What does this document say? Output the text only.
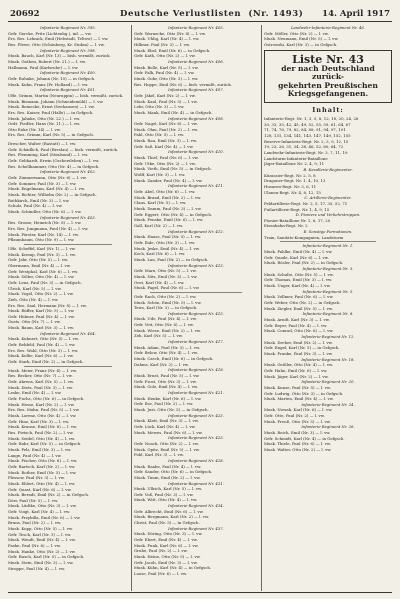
20692	Deutsche Verlustlisten (Nr. 1493) 14. April 1917
Infanterie-Regiment Nr. 395.
Gefr. Gercke, Fritz (Lichtenbg.), inf. — vw.
Ers. Res. Lehnick, Emil (Hebstadt, Teltow) — l. vw.
Res. Plewe, Otto (Schönberg, Kr. Stuhm) — l. vw.
Infanterie-Regiment Nr. 398.
Musk. Bauch, Karl (Nr. 13) — bish. vermißt, zurück.
Musk. Gräben, Robert (Nr. 21.) — l. vw.
Hallmann, Paul (Karlsruhe) — l. vw.
Infanterie-Regiment Nr. 400.
Gefr. Ruhnke, Johann (Nr. 10) — in Gefgsch.
Musk. Kuhn, Franz (Pr. Holland) — l. vw.
Infanterie-Regiment Nr. 401.
Uffz. Grimm, Martin (Neuruppin) — bish. vermißt, zurück.
Musk. Bismann, Johann (Schneidemühl) — l. vw.
Musk. Reinecke, Ernst (Seehausen) — l. vw.
Ers. Res. Kaiser, Paul (Halle) — in Gefgsch.
Musk. Jahnke, Otto (Nr. 22.) — l. vw.
Ordt. Fiedler, Hans (Nr. 11.) — l. vw.
Otto Enke (Nr. 14) — l. vw.
Ers. Res. Grimm, Karl (Nr. 5) — in Gefgsch.
Drescher, Walter (Rastatt) — l. vw.
Gefr. Schädlich, Paul (Breslau) — bish. vermißt, zurück.
Res. Flemming, Karl (Stralsund) — l. vw.
Gefr. Gebhardt, Erwin (Oschersleben) — l. vw.
Res. Schellhammer, Otto (Nr. 4) — in Gefgsch.
Infanterie-Regiment Nr. 402.
Gefr. Zimmermann, Otto (Nr. 6) — l. vw.
Gefr. Sommer, Paul (Nr. 3) — l. vw.
Musk. Engelmann, Karl (Nr. 4) — l. vw.
Musk. Richter, Wilhelm (Nr. 2) — in Gefgsch.
Rothkirch, Emil (Nr. 3) — l. vw.
Schulz, Paul (Nr. 4) — l. vw.
Musk. Schindler, Otto (Nr. 6) — l. vw.
Infanterie-Regiment Nr. 403.
Res. Grosse, Heinrich (Nr. 8) — l. vw.
Ers. Res. Jungmann, Paul (Nr. 4) — l. vw.
Musk. Förster, Karl (Nr. 14) — l. vw.
Pflaumbaum, Otto (Nr. 9) — l. vw.
Uffz. Scheffel, Karl (Nr. 1) — l. vw.
Musk. Kremp, Paul (Nr. 3) — l. vw.
Gefr. Jahr, Otto (Nr. 5) — l. vw.
Obermann, Emil (Nr. 4) — l. vw.
Gefr. Westphal, Karl (Nr. 6) — l. vw.
Musk. Sölter, Otto (Nr. 4) — l. vw.
Gefr. Lenz, Paul (Nr. 3) — in Gefgsch.
Ulrich, Karl (Nr. 5) — l. vw.
Musk. Vogel, Otto (Nr. 2) — l. vw.
Zieh, Otto (Nr. 4) — l. vw.
Ers. Res. Saal, Hermann (Nr. 8) — l. vw.
Musk. Rüffer, Karl (Nr. 5) — l. vw.
Gefr. Hübner, Paul (Nr. 4) — l. vw.
Gusts, Otto (Nr. 7) — l. vw.
Musk. Baum, Karl (Nr. 3) — l. vw.
Infanterie-Regiment Nr. 404.
Musk. Kuhnert, Otto (Nr. 5) — l. vw.
Gefr. Rehfeld, Paul (Nr. 4) — l. vw.
Ers. Res. Wahl, Otto (Nr. 3) — l. vw.
Musk. Kolbe, Karl (Nr. 6) — l. vw.
Gefr. Stark, Emil (Nr. 2) — in Gefgsch.
Musk. Meier, Franz (Nr. 4) — l. vw.
Res. Becker, Otto (Nr. 7) — l. vw.
Gefr. Ahrens, Karl (Nr. 5) — l. vw.
Musk. Dietz, Paul (Nr. 3) — l. vw.
Leske, Emil (Nr. 4) — l. vw.
Gefr. Fuchs, Otto (Nr. 6) — in Gefgsch.
Musk. Hesse, Karl (Nr. 2) — l. vw.
Ers. Res. Mahn, Paul (Nr. 5) — l. vw.
Musk. Lorenz, Otto (Nr. 4) — l. vw.
Gefr. Hinz, Karl (Nr. 3) — l. vw.
Musk. Krause, Emil (Nr. 6) — l. vw.
Res. Pietsch, Paul (Nr. 2) — l. vw.
Musk. Seidel, Otto (Nr. 4) — l. vw.
Gefr. Bahr, Karl (Nr. 5) — in Gefgsch.
Musk. Pelz, Emil (Nr. 3) — l. vw.
Lange, Paul (Nr. 4) — l. vw.
Musk. Fischer, Otto (Nr. 6) — l. vw.
Gefr. Bartsch, Karl (Nr. 2) — l. vw.
Musk. Rother, Emil (Nr. 5) — l. vw.
Plessow, Paul (Nr. 3) — l. vw.
Musk. Ehlert, Otto (Nr. 4) — l. vw.
Gefr. Quast, Karl (Nr. 6) — l. vw.
Musk. Berndt, Emil (Nr. 2) — in Gefgsch.
Dörr, Paul (Nr. 5) — l. vw.
Musk. Lüdtke, Otto (Nr. 3) — l. vw.
Gefr. Voigt, Karl (Nr. 4) — l. vw.
Musk. Przybilla, Emil (Nr. 6) — l. vw.
Bruns, Paul (Nr. 2) — l. vw.
Musk. Kopp, Otto (Nr. 5) — l. vw.
Gefr. Tesch, Karl (Nr. 3) — l. vw.
Musk. Wendt, Emil (Nr. 4) — l. vw.
Paske, Paul (Nr. 6) — l. vw.
Musk. Hanke, Otto (Nr. 2) — l. vw.
Gefr. Rusch, Karl (Nr. 5) — in Gefgsch.
Musk. Stein, Emil (Nr. 3) — l. vw.
Stroppe, Paul (Nr. 4) — l. vw.
Infanterie-Regiment Nr. 405.
Gefr. Warnecke, Otto (Nr. 8) — l. vw.
Musk. Uhlig, Karl (Nr. 4) — l. vw.
Hillmer, Paul (Nr. 3) — l. vw.
Musk. Ebel, Emil (Nr. 6) — in Gefgsch.
Gefr. Kath, Otto (Nr. 2) — l. vw.
Infanterie-Regiment Nr. 406.
Musk. Bolle, Karl (Nr. 5) — l. vw.
Gefr. Falk, Paul (Nr. 4) — l. vw.
Musk. Gohr, Otto (Nr. 3) — l. vw.
Res. Hoppe, Emil (Nr. 6) — bish. vermißt, zurück.
Infanterie-Regiment Nr. 407.
Gefr. Jäkel, Karl (Nr. 2) — l. vw.
Musk. Kaul, Paul (Nr. 5) — l. vw.
Lehr, Otto (Nr. 3) — l. vw.
Musk. Mank, Emil (Nr. 4) — in Gefgsch.
Infanterie-Regiment Nr. 408.
Gefr. Nagel, Karl (Nr. 6) — l. vw.
Musk. Ohm, Paul (Nr. 2) — l. vw.
Pahl, Otto (Nr. 5) — l. vw.
Musk. Rau, Emil (Nr. 3) — l. vw.
Gefr. Saß, Karl (Nr. 4) — l. vw.
Infanterie-Regiment Nr. 410.
Musk. Thiel, Paul (Nr. 6) — l. vw.
Gefr. Utke, Otto (Nr. 2) — l. vw.
Musk. Vieth, Emil (Nr. 5) — in Gefgsch.
Wolff, Karl (Nr. 3) — l. vw.
Musk. Zander, Paul (Nr. 4) — l. vw.
Infanterie-Regiment Nr. 411.
Gefr. Abel, Otto (Nr. 6) — l. vw.
Musk. Brand, Emil (Nr. 2) — l. vw.
Claus, Karl (Nr. 5) — l. vw.
Musk. Damm, Paul (Nr. 3) — l. vw.
Gefr. Eggert, Otto (Nr. 4) — in Gefgsch.
Musk. Fenske, Emil (Nr. 6) — l. vw.
Gall, Karl (Nr. 2) — l. vw.
Infanterie-Regiment Nr. 412.
Musk. Haase, Paul (Nr. 5) — l. vw.
Gefr. Ihde, Otto (Nr. 3) — l. vw.
Musk. Jeske, Emil (Nr. 4) — l. vw.
Koch, Karl (Nr. 6) — l. vw.
Musk. Lau, Paul (Nr. 2) — in Gefgsch.
Infanterie-Regiment Nr. 413.
Gefr. Marx, Otto (Nr. 5) — l. vw.
Musk. Nitz, Emil (Nr. 3) — l. vw.
Oest, Karl (Nr. 4) — l. vw.
Musk. Pagel, Paul (Nr. 6) — l. vw.
Gefr. Rach, Otto (Nr. 2) — l. vw.
Musk. Schön, Emil (Nr. 5) — l. vw.
Tews, Karl (Nr. 3) — in Gefgsch.
Infanterie-Regiment Nr. 415.
Musk. Ude, Paul (Nr. 4) — l. vw.
Gefr. Veit, Otto (Nr. 6) — l. vw.
Musk. Wiese, Emil (Nr. 2) — l. vw.
Zeh, Karl (Nr. 5) — l. vw.
Infanterie-Regiment Nr. 417.
Musk. Adam, Paul (Nr. 3) — l. vw.
Gefr. Below, Otto (Nr. 4) — l. vw.
Musk. Czech, Emil (Nr. 6) — in Gefgsch.
Dahms, Karl (Nr. 2) — l. vw.
Infanterie-Regiment Nr. 418.
Musk. Ernst, Paul (Nr. 5) — l. vw.
Gefr. Frost, Otto (Nr. 3) — l. vw.
Musk. Golz, Emil (Nr. 4) — l. vw.
Infanterie-Regiment Nr. 421.
Musk. Henke, Karl (Nr. 6) — l. vw.
Gefr. Ilse, Paul (Nr. 2) — l. vw.
Musk. Just, Otto (Nr. 5) — in Gefgsch.
Infanterie-Regiment Nr. 423.
Musk. Klatt, Emil (Nr. 3) — l. vw.
Gefr. Lück, Karl (Nr. 4) — l. vw.
Musk. Mewes, Paul (Nr. 6) — l. vw.
Infanterie-Regiment Nr. 425.
Gefr. Noack, Otto (Nr. 2) — l. vw.
Musk. Opitz, Emil (Nr. 5) — l. vw.
Pohl, Karl (Nr. 3) — l. vw.
Infanterie-Regiment Nr. 428.
Musk. Raabe, Paul (Nr. 4) — l. vw.
Gefr. Sander, Otto (Nr. 6) — in Gefgsch.
Musk. Timm, Emil (Nr. 2) — l. vw.
Infanterie-Regiment Nr. 431.
Musk. Ullrich, Karl (Nr. 5) — l. vw.
Gefr. Voß, Paul (Nr. 3) — l. vw.
Musk. Witt, Otto (Nr. 4) — l. vw.
Infanterie-Regiment Nr. 434.
Gefr. Albrecht, Emil (Nr. 6) — l. vw.
Musk. Bergmann, Karl (Nr. 2) — l. vw.
Christ, Paul (Nr. 5) — in Gefgsch.
Infanterie-Regiment Nr. 437.
Musk. Döring, Otto (Nr. 3) — l. vw.
Gefr. Ebert, Emil (Nr. 4) — l. vw.
Musk. Funk, Karl (Nr. 6) — l. vw.
Grube, Paul (Nr. 2) — l. vw.
Musk. Heine, Otto (Nr. 5) — l. vw.
Gefr. Jacob, Emil (Nr. 3) — l. vw.
Musk. Kühn, Karl (Nr. 4) — in Gefgsch.
Loose, Paul (Nr. 6) — l. vw.
Landwehr-Infanterie-Regiment Nr. 46.
Gefr. Möller, Otto (Nr. 2) — l. vw.
Musk. Neumann, Emil (Nr. 5) — l. vw.
Ostrowski, Karl (Nr. 3) — in Gefgsch.
Liste Nr. 43
der nach Deutschland zurück-
gekehrten Preußischen
Kriegsgefangenen.
Inhalt:
Infanterie-Regt. Nr. 1, 3, 5, 8, 12, 18, 20, 24, 26
30, 33, 35, 42, 45, 49, 52, 55, 59, 61, 64, 67
71, 74, 76, 79, 82, 84, 88, 91, 94, 97, 101
128, 131, 134, 141, 143, 147, 149, 152, 155
Reserve-Infanterie-Regt. Nr. 2, 5, 9, 12, 15
19, 23, 26, 31, 34, 38, 46, 52, 60, 64, 72
Landwehr-Infanterie-Regt. Nr. 3, 7, 11, 19
Landsturm-Infanterie-Bataillone
Jäger-Bataillone Nr. 2, 4, 9, 11
B. Kavallerie-Regimenter.
Kürassier-Regt. Nr. 2, 5, 8
Dragoner-Regt. Nr. 1, 4, 10, 13
Husaren-Regt. Nr. 3, 6, 11
Ulanen-Regt. Nr. 4, 8, 12, 15
C. Artillerie-Regimenter.
Feldartillerie-Regt. Nr. 2, 5, 17, 35, 52, 71
Fußartillerie-Regt. Nr. 1, 4, 9, 15
D. Pioniere und Verkehrstruppen.
Pionier-Bataillone Nr. 1, 6, 17, 20
Eisenbahn-Regt. Nr. 2
E. Sonstige Formationen.
Train, Sanitäts-Kompagnien, Landsturm
Infanterie-Regiment Nr. 1.
Musk. Pahlke, Emil (Nr. 4) — l. vw.
Gefr. Quade, Karl (Nr. 6) — l. vw.
Musk. Rösler, Paul (Nr. 2) — in Gefgsch.
Infanterie-Regiment Nr. 3.
Musk. Schulte, Otto (Nr. 5) — l. vw.
Gefr. Thomas, Emil (Nr. 3) — l. vw.
Musk. Unger, Karl (Nr. 4) — l. vw.
Infanterie-Regiment Nr. 5.
Musk. Vollmer, Paul (Nr. 6) — l. vw.
Gefr. Weber, Otto (Nr. 2) — in Gefgsch.
Musk. Ziegler, Emil (Nr. 5) — l. vw.
Infanterie-Regiment Nr. 8.
Musk. Arndt, Karl (Nr. 3) — l. vw.
Gefr. Beyer, Paul (Nr. 4) — l. vw.
Musk. Conrad, Otto (Nr. 6) — l. vw.
Infanterie-Regiment Nr. 12.
Musk. Dreher, Emil (Nr. 2) — l. vw.
Gefr. Engel, Karl (Nr. 5) — in Gefgsch.
Musk. Franke, Paul (Nr. 3) — l. vw.
Infanterie-Regiment Nr. 18.
Musk. Geißler, Otto (Nr. 4) — l. vw.
Gefr. Hahn, Emil (Nr. 6) — l. vw.
Musk. Jäger, Karl (Nr. 2) — l. vw.
Infanterie-Regiment Nr. 20.
Musk. Kunze, Paul (Nr. 5) — l. vw.
Gefr. Ludwig, Otto (Nr. 3) — in Gefgsch.
Musk. Marten, Emil (Nr. 4) — l. vw.
Infanterie-Regiment Nr. 24.
Musk. Nowak, Karl (Nr. 6) — l. vw.
Gefr. Otte, Paul (Nr. 2) — l. vw.
Musk. Preuß, Otto (Nr. 5) — l. vw.
Infanterie-Regiment Nr. 26.
Musk. Reich, Emil (Nr. 3) — l. vw.
Gefr. Schmidt, Karl (Nr. 4) — in Gefgsch.
Musk. Thiele, Paul (Nr. 6) — l. vw.
Musk. Walter, Otto (Nr. 2) — l. vw.
